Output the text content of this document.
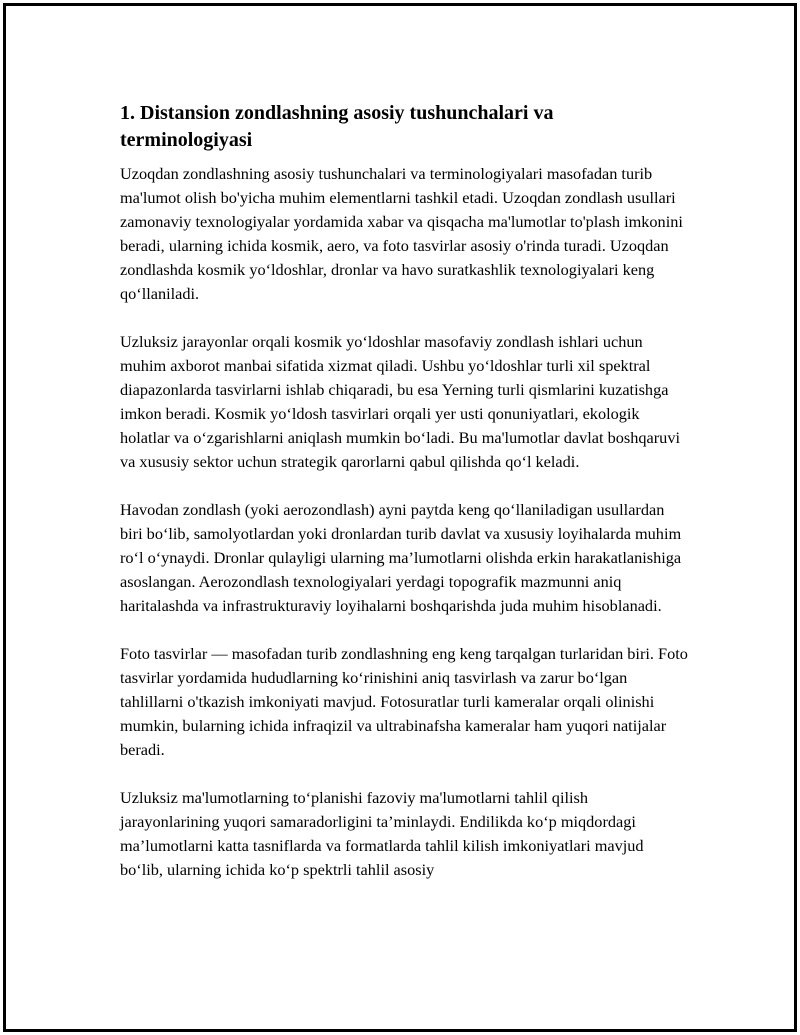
1. Distansion zondlashning asosiy tushunchalari va terminologiyasi

Uzoqdan zondlashning asosiy tushunchalari va terminologiyalari masofadan turib ma'lumot olish bo'yicha muhim elementlarni tashkil etadi. Uzoqdan zondlash usullari zamonaviy texnologiyalar yordamida xabar va qisqacha ma'lumotlar to'plash imkonini beradi, ularning ichida kosmik, aero, va foto tasvirlar asosiy o'rinda turadi. Uzoqdan zondlashda kosmik yo‘ldoshlar, dronlar va havo suratkashlik texnologiyalari keng qo‘llaniladi.

Uzluksiz jarayonlar orqali kosmik yo‘ldoshlar masofaviy zondlash ishlari uchun muhim axborot manbai sifatida xizmat qiladi. Ushbu yo‘ldoshlar turli xil spektral diapazonlarda tasvirlarni ishlab chiqaradi, bu esa Yerning turli qismlarini kuzatishga imkon beradi. Kosmik yo‘ldosh tasvirlari orqali yer usti qonuniyatlari, ekologik holatlar va o‘zgarishlarni aniqlash mumkin bo‘ladi. Bu ma'lumotlar davlat boshqaruvi va xususiy sektor uchun strategik qarorlarni qabul qilishda qo‘l keladi.

Havodan zondlash (yoki aerozondlash) ayni paytda keng qo‘llaniladigan usullardan biri bo‘lib, samolyotlardan yoki dronlardan turib davlat va xususiy loyihalarda muhim ro‘l o‘ynaydi. Dronlar qulayligi ularning ma’lumotlarni olishda erkin harakatlanishiga asoslangan. Aerozondlash texnologiyalari yerdagi topografik mazmunni aniq haritalashda va infrastrukturaviy loyihalarni boshqarishda juda muhim hisoblanadi.

Foto tasvirlar — masofadan turib zondlashning eng keng tarqalgan turlaridan biri. Foto tasvirlar yordamida hududlarning ko‘rinishini aniq tasvirlash va zarur bo‘lgan tahlillarni o'tkazish imkoniyati mavjud. Fotosuratlar turli kameralar orqali olinishi mumkin, bularning ichida infraqizil va ultrabinafsha kameralar ham yuqori natijalar beradi.

Uzluksiz ma'lumotlarning to‘planishi fazoviy ma'lumotlarni tahlil qilish jarayonlarining yuqori samaradorligini ta’minlaydi. Endilikda ko‘p miqdordagi ma’lumotlarni katta tasniflarda va formatlarda tahlil kilish imkoniyatlari mavjud bo‘lib, ularning ichida ko‘p spektrli tahlil asosiy
